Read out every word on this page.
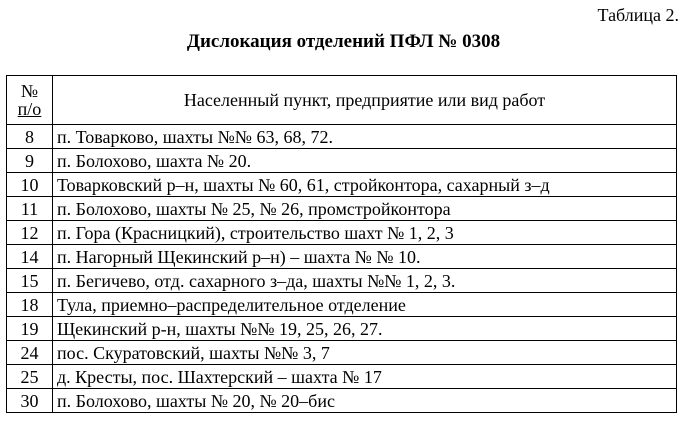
Таблица 2.
Дислокация отделений ПФЛ № 0308
№
п/о	Населенный пункт, предприятие или вид работ
8	п. Товарково, шахты №№ 63, 68, 72.
9	п. Болохово, шахта № 20.
10	Товарковский р–н, шахты № 60, 61, стройконтора, сахарный з–д
11	п. Болохово, шахты № 25, № 26, промстройконтора
12	п. Гора (Красницкий), строительство шахт № 1, 2, 3
14	п. Нагорный Щекинский р–н) – шахта № № 10.
15	п. Бегичево, отд. сахарного з–да, шахты №№ 1, 2, 3.
18	Тула, приемно–распределительное отделение
19	Щекинский р-н, шахты №№ 19, 25, 26, 27.
24	пос. Скуратовский, шахты №№ 3, 7
25	д. Кресты, пос. Шахтерский – шахта № 17
30	п. Болохово, шахты № 20, № 20–бис
